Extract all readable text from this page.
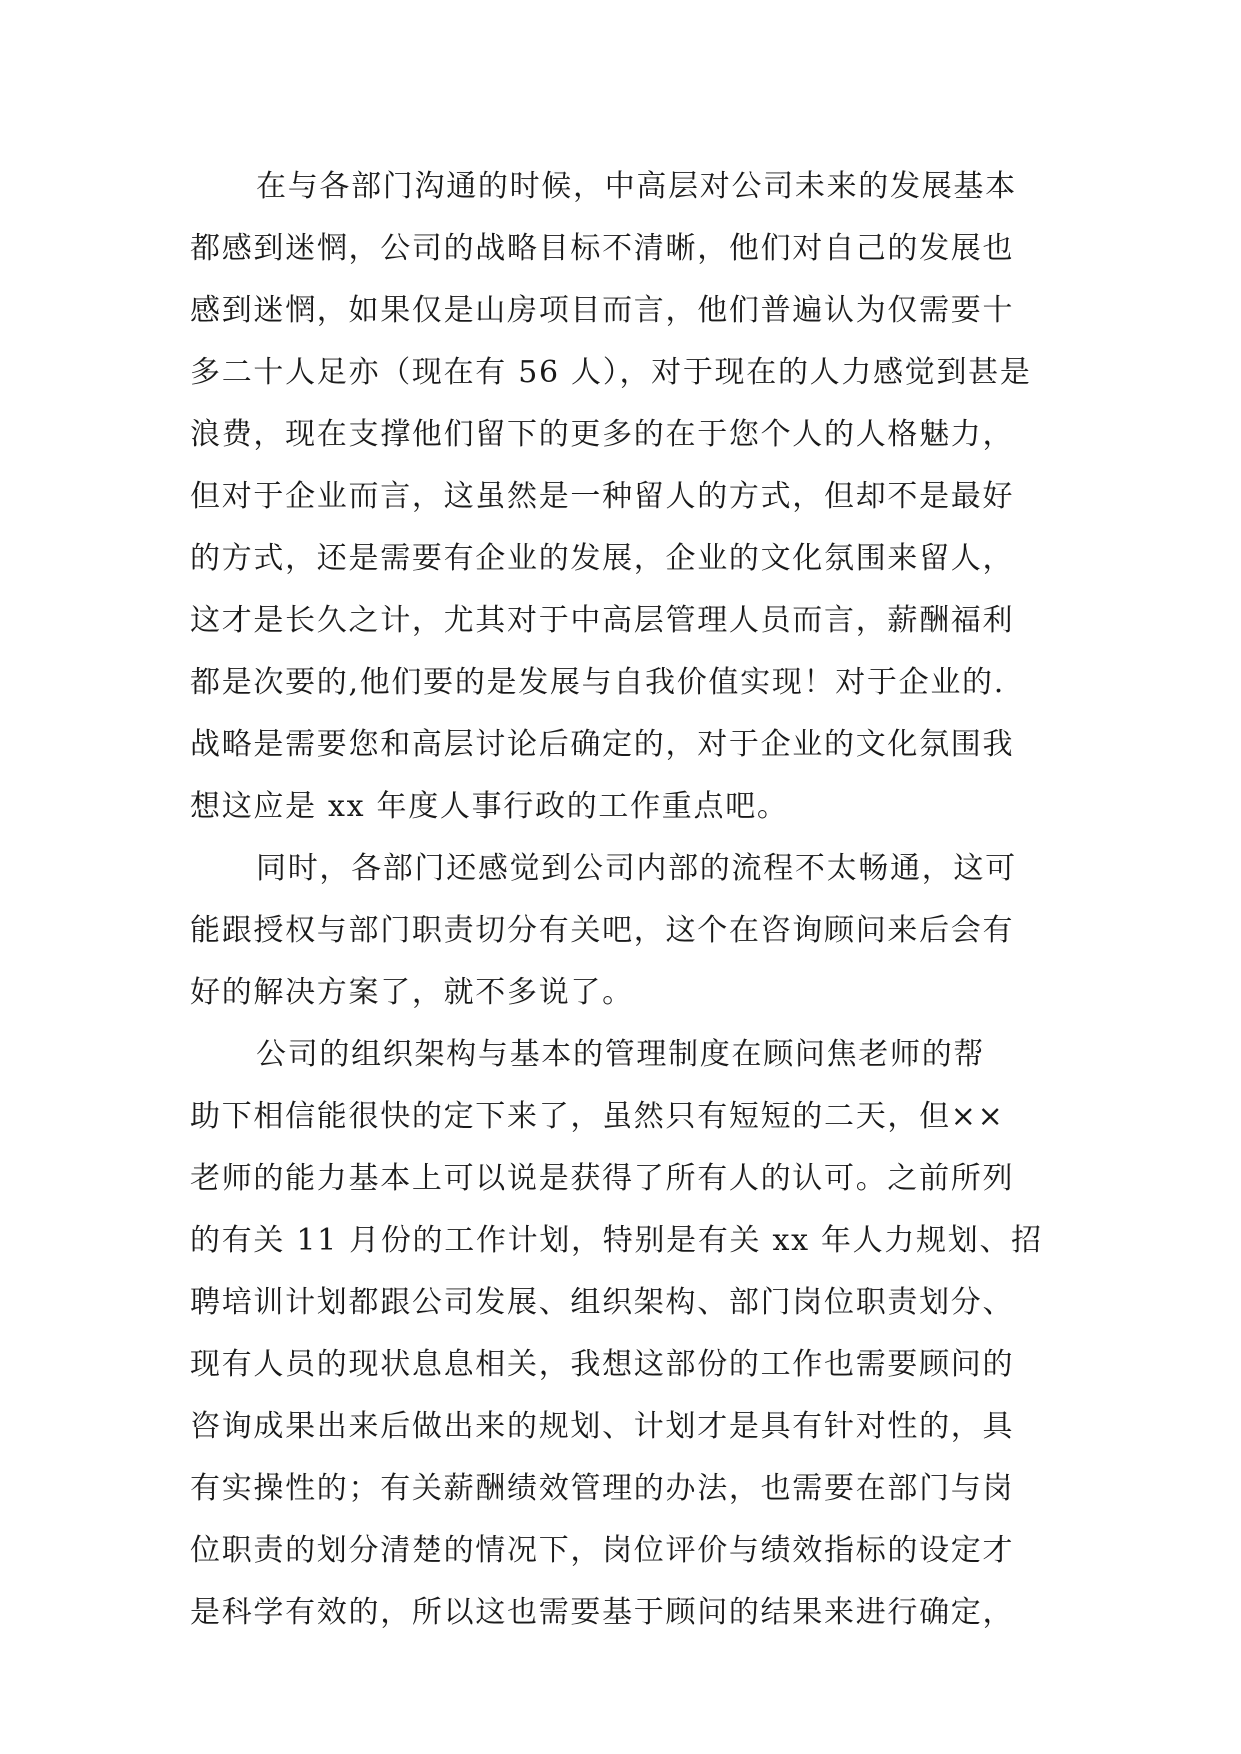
在与各部门沟通的时候，中高层对公司未来的发展基本
都感到迷惘，公司的战略目标不清晰，他们对自己的发展也
感到迷惘，如果仅是山房项目而言，他们普遍认为仅需要十
多二十人足亦（现在有 56 人），对于现在的人力感觉到甚是
浪费，现在支撑他们留下的更多的在于您个人的人格魅力，
但对于企业而言，这虽然是一种留人的方式，但却不是最好
的方式，还是需要有企业的发展，企业的文化氛围来留人，
这才是长久之计，尤其对于中高层管理人员而言，薪酬福利
都是次要的,他们要的是发展与自我价值实现！对于企业的.
战略是需要您和高层讨论后确定的，对于企业的文化氛围我
想这应是 xx 年度人事行政的工作重点吧。
同时，各部门还感觉到公司内部的流程不太畅通，这可
能跟授权与部门职责切分有关吧，这个在咨询顾问来后会有
好的解决方案了，就不多说了。
公司的组织架构与基本的管理制度在顾问焦老师的帮
助下相信能很快的定下来了，虽然只有短短的二天，但××
老师的能力基本上可以说是获得了所有人的认可。之前所列
的有关 11 月份的工作计划，特别是有关 xx 年人力规划、招
聘培训计划都跟公司发展、组织架构、部门岗位职责划分、
现有人员的现状息息相关，我想这部份的工作也需要顾问的
咨询成果出来后做出来的规划、计划才是具有针对性的，具
有实操性的；有关薪酬绩效管理的办法，也需要在部门与岗
位职责的划分清楚的情况下，岗位评价与绩效指标的设定才
是科学有效的，所以这也需要基于顾问的结果来进行确定，
